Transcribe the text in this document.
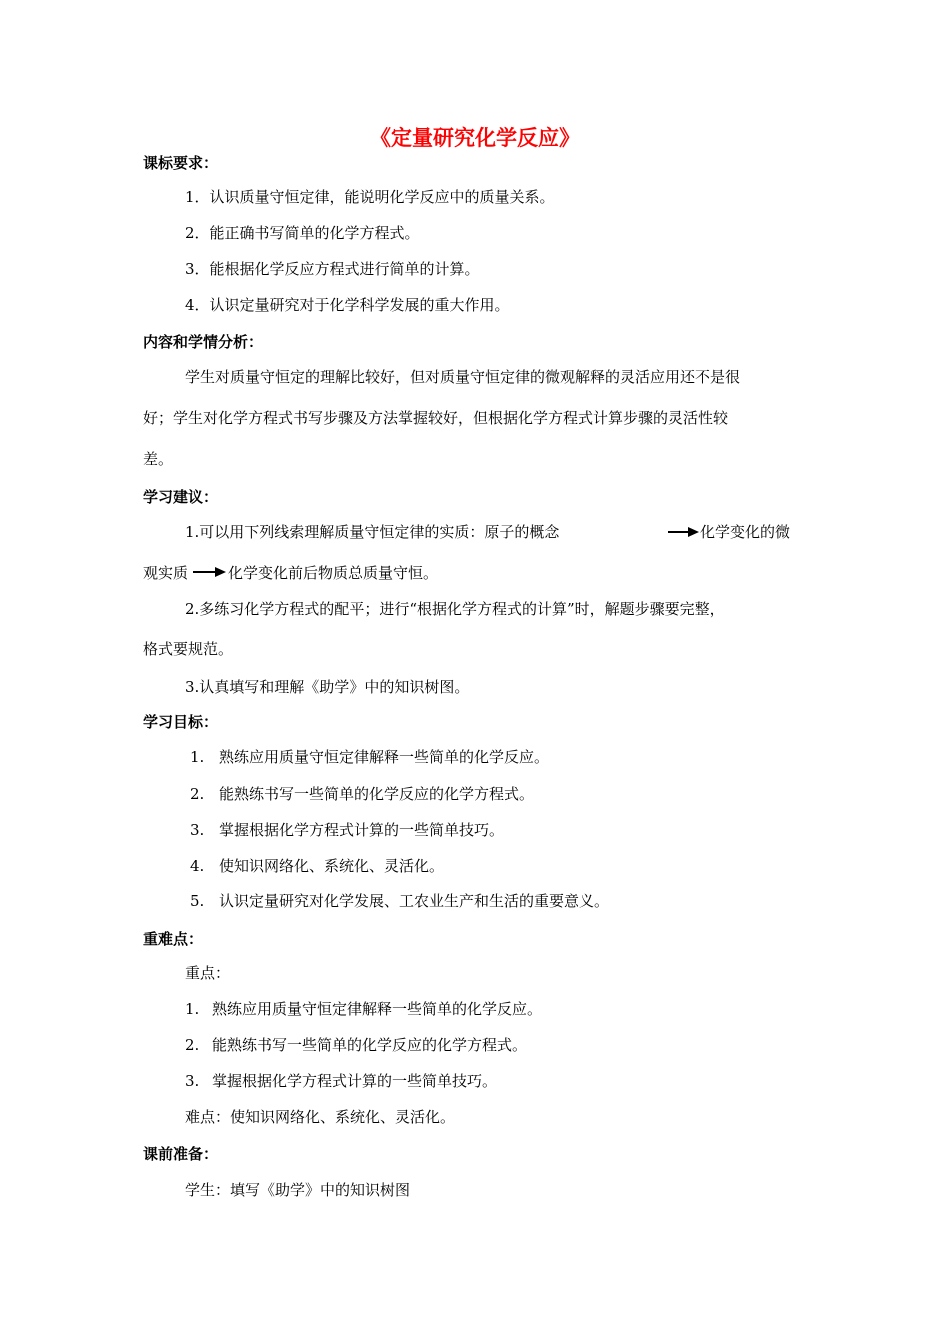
《定量研究化学反应》
课标要求：
1．认识质量守恒定律，能说明化学反应中的质量关系。
2．能正确书写简单的化学方程式。
3．能根据化学反应方程式进行简单的计算。
4．认识定量研究对于化学科学发展的重大作用。
内容和学情分析：
学生对质量守恒定的理解比较好，但对质量守恒定律的微观解释的灵活应用还不是很
好；学生对化学方程式书写步骤及方法掌握较好，但根据化学方程式计算步骤的灵活性较
差。
学习建议：
1.可以用下列线索理解质量守恒定律的实质：原子的概念	化学变化的微
观实质	化学变化前后物质总质量守恒。
2.多练习化学方程式的配平；进行“根据化学方程式的计算”时，解题步骤要完整，
格式要规范。
3.认真填写和理解《助学》中的知识树图。
学习目标：
1. 熟练应用质量守恒定律解释一些简单的化学反应。
2. 能熟练书写一些简单的化学反应的化学方程式。
3. 掌握根据化学方程式计算的一些简单技巧。
4. 使知识网络化、系统化、灵活化。
5. 认识定量研究对化学发展、工农业生产和生活的重要意义。
重难点：
重点：
1. 熟练应用质量守恒定律解释一些简单的化学反应。
2. 能熟练书写一些简单的化学反应的化学方程式。
3. 掌握根据化学方程式计算的一些简单技巧。
难点：使知识网络化、系统化、灵活化。
课前准备：
学生：填写《助学》中的知识树图
